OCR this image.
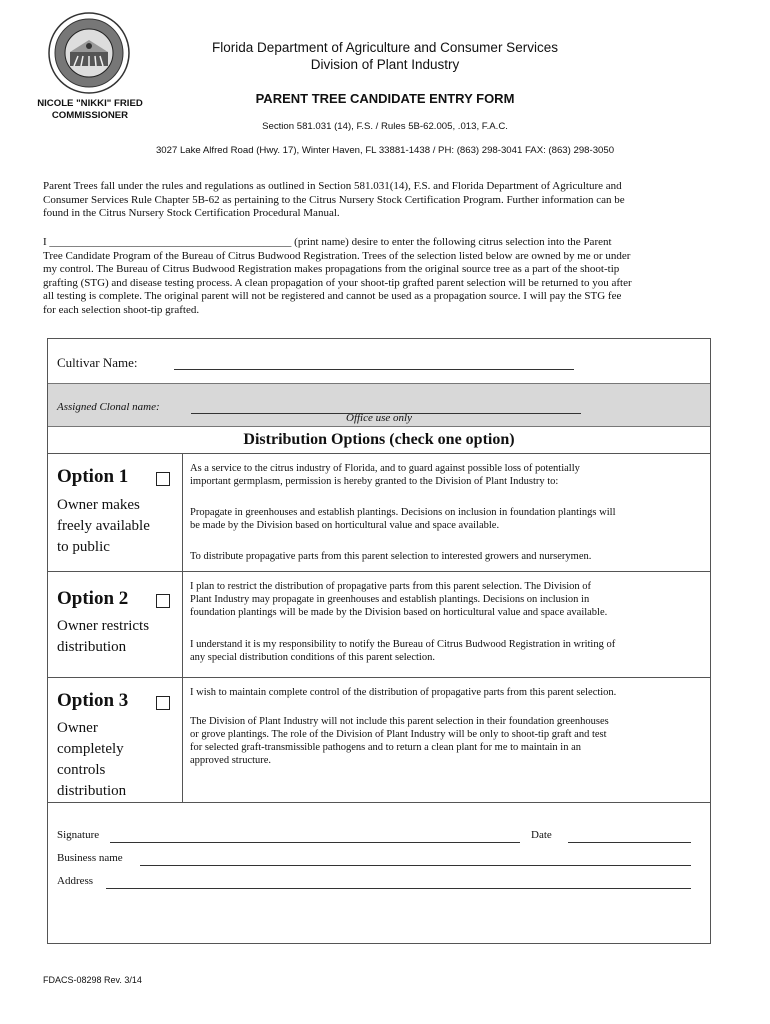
NICOLE "NIKKI" FRIED
COMMISSIONER
Florida Department of Agriculture and Consumer Services
Division of Plant Industry
PARENT TREE CANDIDATE ENTRY FORM
Section 581.031 (14), F.S. / Rules 5B-62.005, .013, F.A.C.
3027 Lake Alfred Road (Hwy. 17), Winter Haven, FL 33881-1438 / PH: (863) 298-3041 FAX: (863) 298-3050
Parent Trees fall under the rules and regulations as outlined in Section 581.031(14), F.S. and Florida Department of Agriculture and
Consumer Services Rule Chapter 5B-62 as pertaining to the Citrus Nursery Stock Certification Program. Further information can be
found in the Citrus Nursery Stock Certification Procedural Manual.
I ____________________________________________ (print name) desire to enter the following citrus selection into the Parent
Tree Candidate Program of the Bureau of Citrus Budwood Registration. Trees of the selection listed below are owned by me or under
my control. The Bureau of Citrus Budwood Registration makes propagations from the original source tree as a part of the shoot-tip
grafting (STG) and disease testing process. A clean propagation of your shoot-tip grafted parent selection will be returned to you after
all testing is complete. The original parent will not be registered and cannot be used as a propagation source. I will pay the STG fee
for each selection shoot-tip grafted.
Cultivar Name:
Assigned Clonal name:
Office use only
Distribution Options (check one option)
Option 1
Owner makes
freely available
to public
As a service to the citrus industry of Florida, and to guard against possible loss of potentially
important germplasm, permission is hereby granted to the Division of Plant Industry to:
Propagate in greenhouses and establish plantings. Decisions on inclusion in foundation plantings will
be made by the Division based on horticultural value and space available.
To distribute propagative parts from this parent selection to interested growers and nurserymen.
Option 2
Owner restricts
distribution
I plan to restrict the distribution of propagative parts from this parent selection. The Division of
Plant Industry may propagate in greenhouses and establish plantings. Decisions on inclusion in
foundation plantings will be made by the Division based on horticultural value and space available.
I understand it is my responsibility to notify the Bureau of Citrus Budwood Registration in writing of
any special distribution conditions of this parent selection.
Option 3
Owner
completely
controls
distribution
I wish to maintain complete control of the distribution of propagative parts from this parent selection.
The Division of Plant Industry will not include this parent selection in their foundation greenhouses
or grove plantings. The role of the Division of Plant Industry will be only to shoot-tip graft and test
for selected graft-transmissible pathogens and to return a clean plant for me to maintain in an
approved structure.
Signature	Date
Business name
Address
FDACS-08298 Rev. 3/14
